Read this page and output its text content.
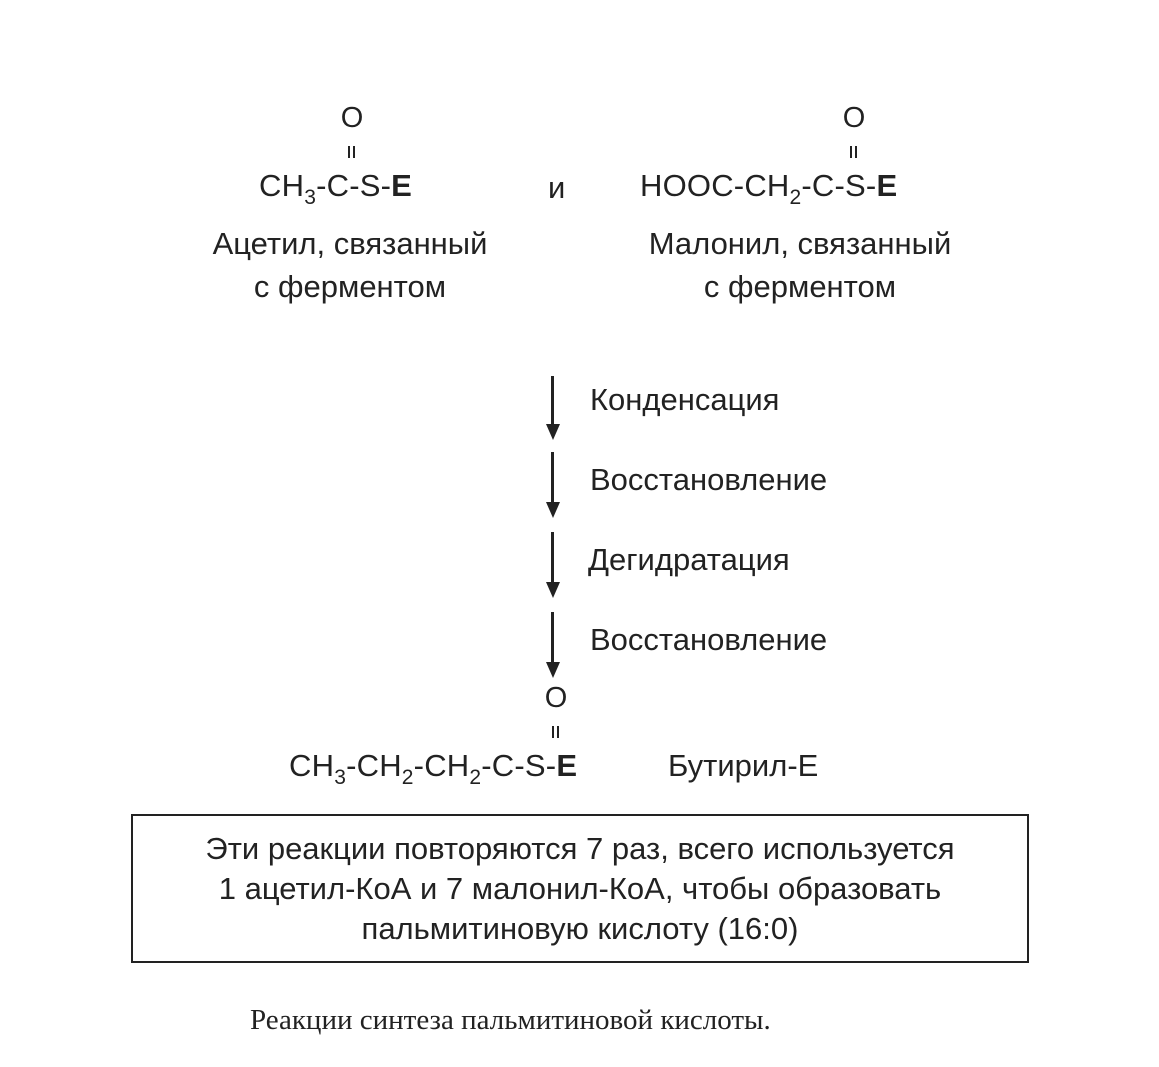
O
$CH_3-C-S-E$
Ацетил, связанный
с ферментом
и
O
HOOC-$CH_2-C-S-E$
Малонил, связанный
с ферментом
Конденсация
Восстановление
Дегидратация
Восстановление
O
$CH_3-CH_2-CH_2-C-S-E$	Бутирил-Е
Эти реакции повторяются 7 раз, всего используется
1 ацетил-КоА и 7 малонил-КоА, чтобы образовать
пальмитиновую кислоту (16:0)
Реакции синтеза пальмитиновой кислоты.
